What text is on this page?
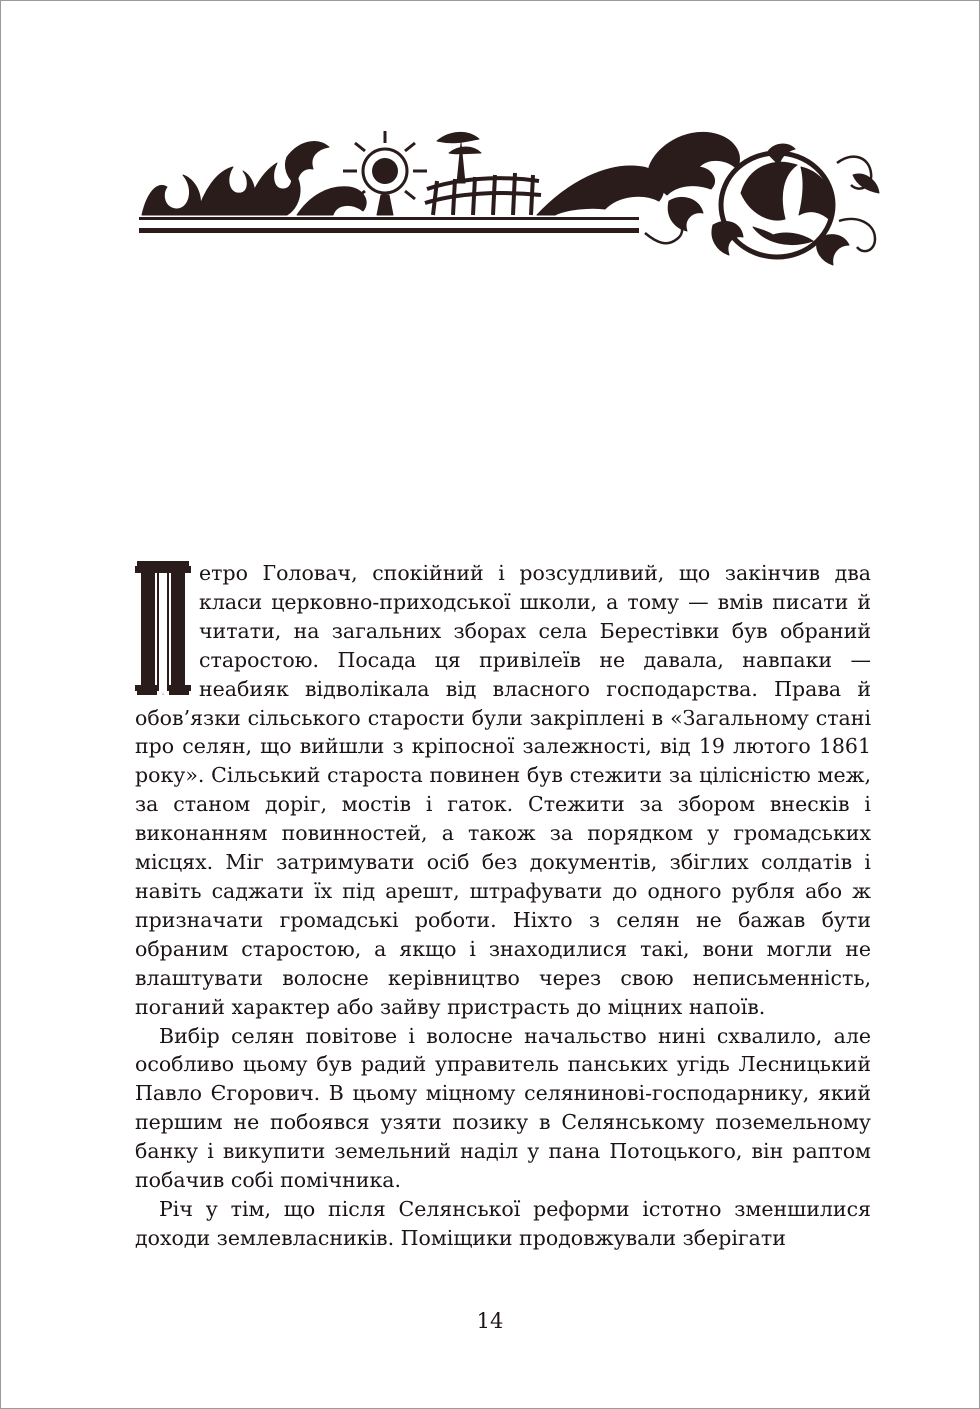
П
етро Головач, спокійний і розсудливий, що закінчив два класи церковно-приходської школи, а тому — вмів писати й читати, на загальних зборах села Берестівки був обраний старостою. Посада ця привілеїв не давала, навпаки — неабияк відволікала від власного господарства. Права й обов’язки сільського старости були закріплені в «Загальному стані про селян, що вийшли з кріпосної залежності, від 19 лютого 1861 року». Сільський староста повинен був стежити за цілісністю меж, за станом доріг, мостів і гаток. Стежити за збором внесків і виконанням повинностей, а також за порядком у громадських місцях. Міг затримувати осіб без документів, збіглих солдатів і навіть саджати їх під арешт, штрафувати до одного рубля або ж призначати громадські роботи. Ніхто з селян не бажав бути обраним старостою, а якщо і знаходилися такі, вони могли не влаштувати волосне керівництво через свою неписьменність, поганий характер або зайву пристрасть до міцних напоїв.

Вибір селян повітове і волосне начальство нині схвалило, але особливо цьому був радий управитель панських угідь Лесницький Павло Єгорович. В цьому міцному селянинові-господарнику, який першим не побоявся узяти позику в Селянському поземельному банку і викупити земельний наділ у пана Потоцького, він раптом побачив собі помічника.

Річ у тім, що після Селянської реформи істотно зменшилися доходи землевласників. Поміщики продовжували зберігати

14
